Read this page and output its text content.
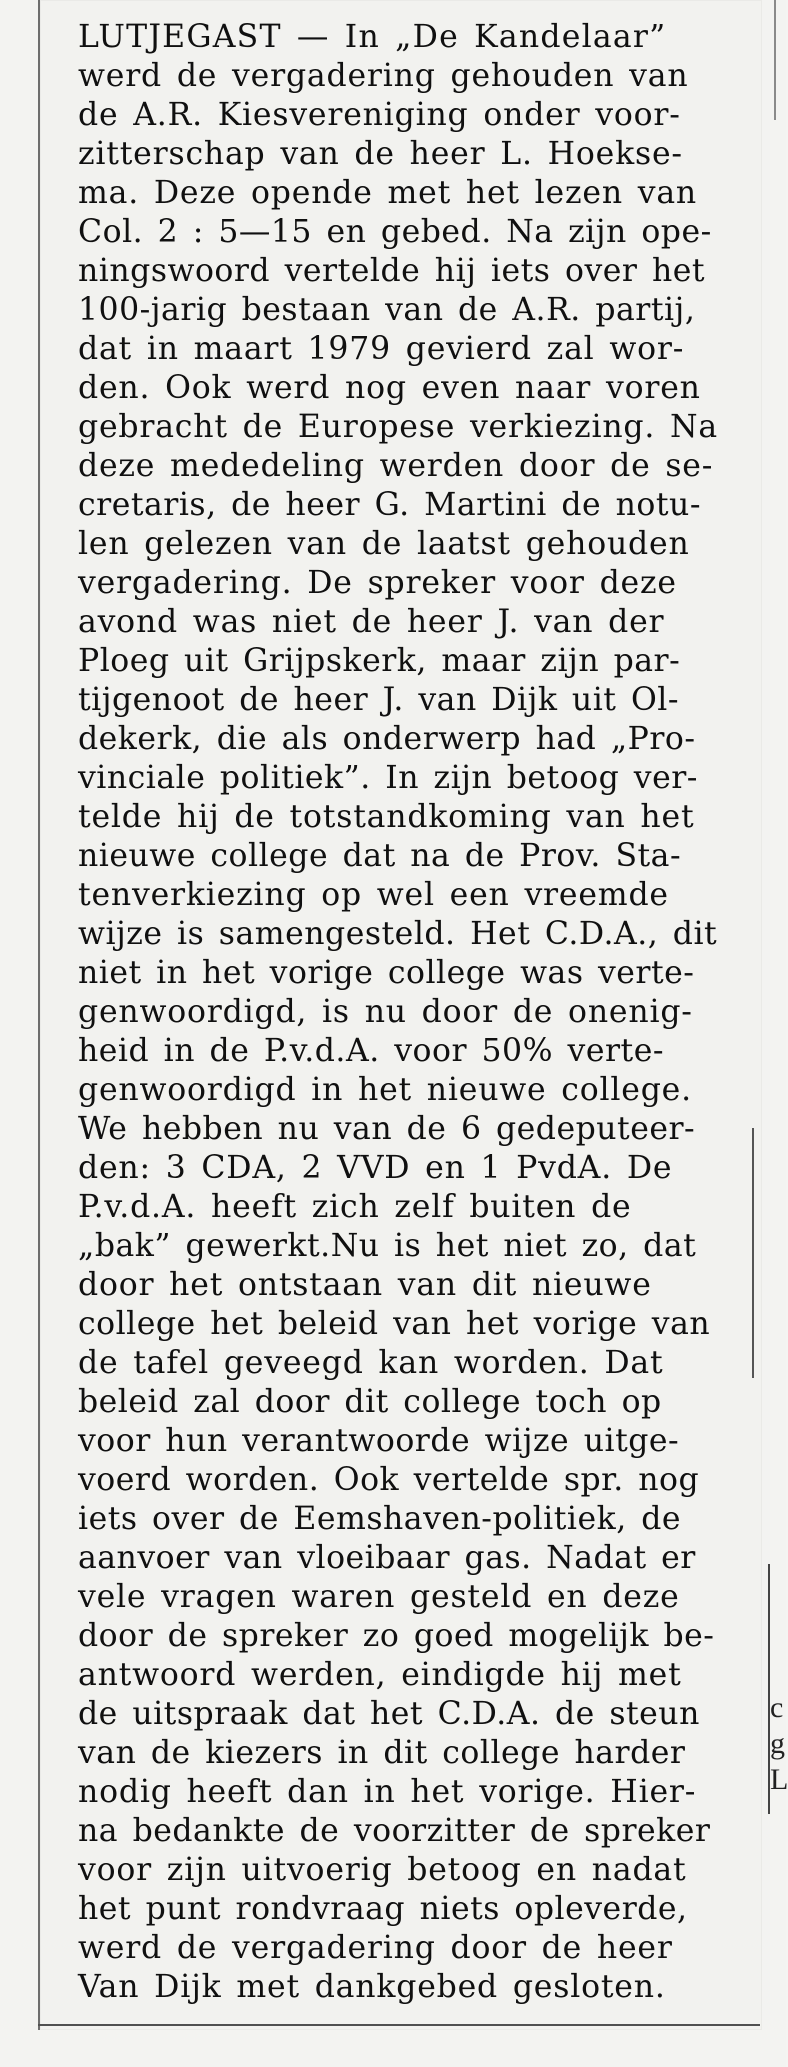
c
g
L
LUTJEGAST — In „De Kandelaar”
werd de vergadering gehouden van
de A.R. Kiesvereniging onder voor-
zitterschap van de heer L. Hoekse-
ma. Deze opende met het lezen van
Col. 2 : 5—15 en gebed. Na zijn ope-
ningswoord vertelde hij iets over het
100-jarig bestaan van de A.R. partij,
dat in maart 1979 gevierd zal wor-
den. Ook werd nog even naar voren
gebracht de Europese verkiezing. Na
deze mededeling werden door de se-
cretaris, de heer G. Martini de notu-
len gelezen van de laatst gehouden
vergadering. De spreker voor deze
avond was niet de heer J. van der
Ploeg uit Grijpskerk, maar zijn par-
tijgenoot de heer J. van Dijk uit Ol-
dekerk, die als onderwerp had „Pro-
vinciale politiek”. In zijn betoog ver-
telde hij de totstandkoming van het
nieuwe college dat na de Prov. Sta-
tenverkiezing op wel een vreemde
wijze is samengesteld. Het C.D.A., dit
niet in het vorige college was verte-
genwoordigd, is nu door de onenig-
heid in de P.v.d.A. voor 50% verte-
genwoordigd in het nieuwe college.
We hebben nu van de 6 gedeputeer-
den: 3 CDA, 2 VVD en 1 PvdA. De
P.v.d.A. heeft zich zelf buiten de
„bak” gewerkt.Nu is het niet zo, dat
door het ontstaan van dit nieuwe
college het beleid van het vorige van
de tafel geveegd kan worden. Dat
beleid zal door dit college toch op
voor hun verantwoorde wijze uitge-
voerd worden. Ook vertelde spr. nog
iets over de Eemshaven-politiek, de
aanvoer van vloeibaar gas. Nadat er
vele vragen waren gesteld en deze
door de spreker zo goed mogelijk be-
antwoord werden, eindigde hij met
de uitspraak dat het C.D.A. de steun
van de kiezers in dit college harder
nodig heeft dan in het vorige. Hier-
na bedankte de voorzitter de spreker
voor zijn uitvoerig betoog en nadat
het punt rondvraag niets opleverde,
werd de vergadering door de heer
Van Dijk met dankgebed gesloten.
